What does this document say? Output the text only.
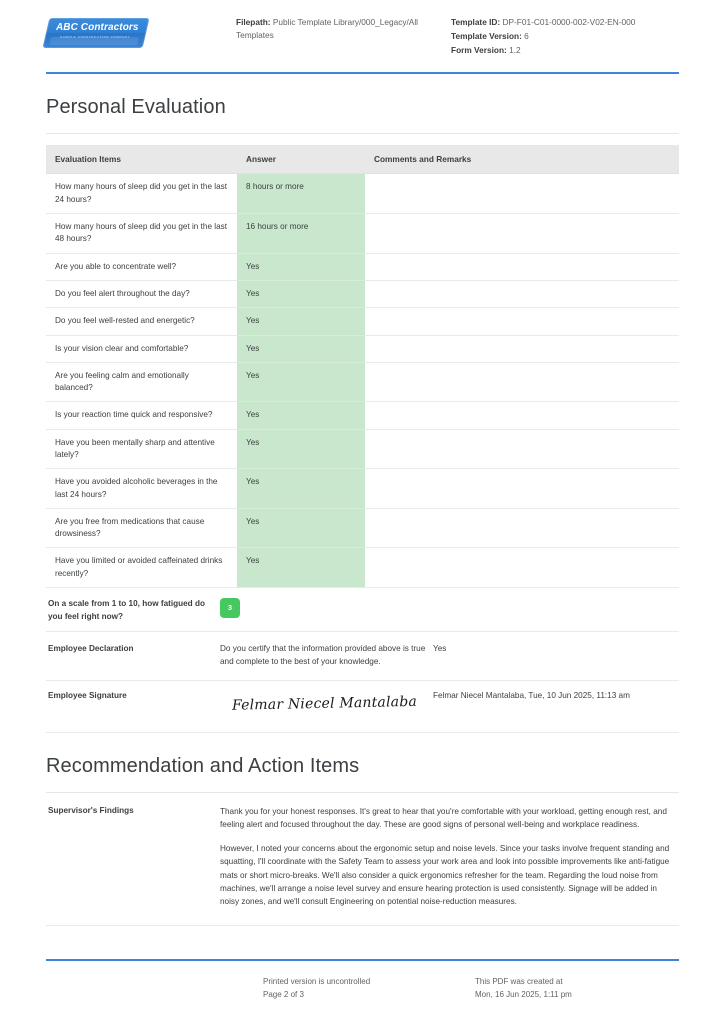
ABC Contractors
SAMPLE CONSTRUCTION COMPANY
Filepath: Public Template Library/000_Legacy/All Templates
Template ID: DP-F01-C01-0000-002-V02-EN-000
Template Version: 6
Form Version: 1.2
Personal Evaluation
Evaluation Items	Answer	Comments and Remarks
How many hours of sleep did you get in the last 24 hours?	8 hours or more	
How many hours of sleep did you get in the last 48 hours?	16 hours or more	
Are you able to concentrate well?	Yes	
Do you feel alert throughout the day?	Yes	
Do you feel well-rested and energetic?	Yes	
Is your vision clear and comfortable?	Yes	
Are you feeling calm and emotionally balanced?	Yes	
Is your reaction time quick and responsive?	Yes	
Have you been mentally sharp and attentive lately?	Yes	
Have you avoided alcoholic beverages in the last 24 hours?	Yes	
Are you free from medications that cause drowsiness?	Yes	
Have you limited or avoided caffeinated drinks recently?	Yes	
On a scale from 1 to 10, how fatigued do you feel right now?
3
Employee Declaration	Do you certify that the information provided above is true and complete to the best of your knowledge.
Yes
Employee Signature	Felmar Niecel Mantalaba	Felmar Niecel Mantalaba, Tue, 10 Jun 2025, 11:13 am
Recommendation and Action Items
Supervisor's Findings	Thank you for your honest responses. It's great to hear that you're comfortable with your workload, getting enough rest, and feeling alert and focused throughout the day. These are good signs of personal well-being and workplace readiness.

However, I noted your concerns about the ergonomic setup and noise levels. Since your tasks involve frequent standing and squatting, I'll coordinate with the Safety Team to assess your work area and look into possible improvements like anti-fatigue mats or short micro-breaks. We'll also consider a quick ergonomics refresher for the team. Regarding the loud noise from machines, we'll arrange a noise level survey and ensure hearing protection is used consistently. Signage will be added in noisy zones, and we'll consult Engineering on potential noise-reduction measures.

Printed version is uncontrolled
Page 2 of 3
This PDF was created at
Mon, 16 Jun 2025, 1:11 pm
